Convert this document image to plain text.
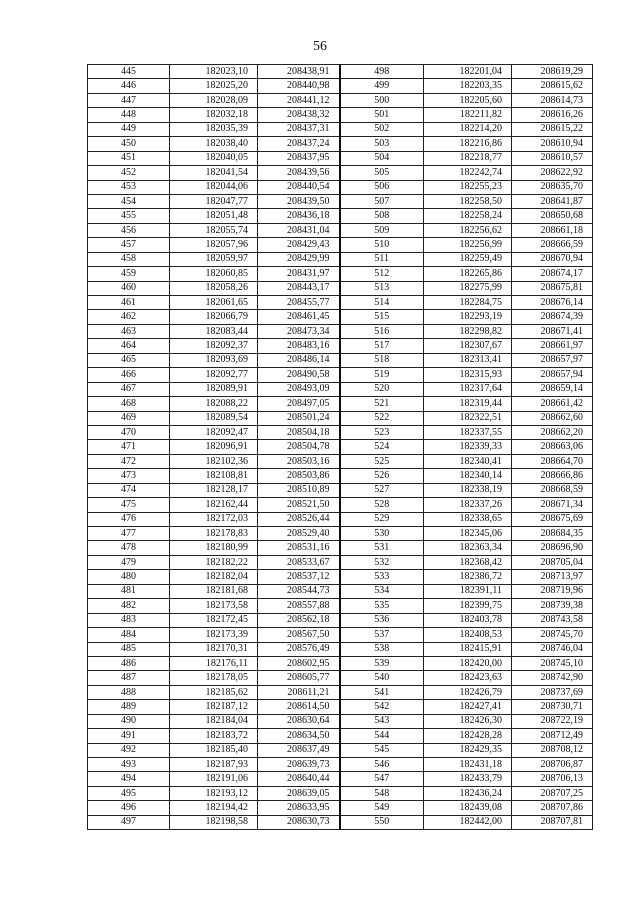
56
445	182023,10	208438,91	498	182201,04	208619,29
446	182025,20	208440,98	499	182203,35	208615,62
447	182028,09	208441,12	500	182205,60	208614,73
448	182032,18	208438,32	501	182211,82	208616,26
449	182035,39	208437,31	502	182214,20	208615,22
450	182038,40	208437,24	503	182216,86	208610,94
451	182040,05	208437,95	504	182218,77	208610,57
452	182041,54	208439,56	505	182242,74	208622,92
453	182044,06	208440,54	506	182255,23	208635,70
454	182047,77	208439,50	507	182258,50	208641,87
455	182051,48	208436,18	508	182258,24	208650,68
456	182055,74	208431,04	509	182256,62	208661,18
457	182057,96	208429,43	510	182256,99	208666,59
458	182059,97	208429,99	511	182259,49	208670,94
459	182060,85	208431,97	512	182265,86	208674,17
460	182058,26	208443,17	513	182275,99	208675,81
461	182061,65	208455,77	514	182284,75	208676,14
462	182066,79	208461,45	515	182293,19	208674,39
463	182083,44	208473,34	516	182298,82	208671,41
464	182092,37	208483,16	517	182307,67	208661,97
465	182093,69	208486,14	518	182313,41	208657,97
466	182092,77	208490,58	519	182315,93	208657,94
467	182089,91	208493,09	520	182317,64	208659,14
468	182088,22	208497,05	521	182319,44	208661,42
469	182089,54	208501,24	522	182322,51	208662,60
470	182092,47	208504,18	523	182337,55	208662,20
471	182096,91	208504,78	524	182339,33	208663,06
472	182102,36	208503,16	525	182340,41	208664,70
473	182108,81	208503,86	526	182340,14	208666,86
474	182128,17	208510,89	527	182338,19	208668,59
475	182162,44	208521,50	528	182337,26	208671,34
476	182172,03	208526,44	529	182338,65	208675,69
477	182178,83	208529,40	530	182345,06	208684,35
478	182180,99	208531,16	531	182363,34	208696,90
479	182182,22	208533,67	532	182368,42	208705,04
480	182182,04	208537,12	533	182386,72	208713,97
481	182181,68	208544,73	534	182391,11	208719,96
482	182173,58	208557,88	535	182399,75	208739,38
483	182172,45	208562,18	536	182403,78	208743,58
484	182173,39	208567,50	537	182408,53	208745,70
485	182170,31	208576,49	538	182415,91	208746,04
486	182176,11	208602,95	539	182420,00	208745,10
487	182178,05	208605,77	540	182423,63	208742,90
488	182185,62	208611,21	541	182426,79	208737,69
489	182187,12	208614,50	542	182427,41	208730,71
490	182184,04	208630,64	543	182426,30	208722,19
491	182183,72	208634,50	544	182428,28	208712,49
492	182185,40	208637,49	545	182429,35	208708,12
493	182187,93	208639,73	546	182431,18	208706,87
494	182191,06	208640,44	547	182433,79	208706,13
495	182193,12	208639,05	548	182436,24	208707,25
496	182194,42	208633,95	549	182439,08	208707,86
497	182198,58	208630,73	550	182442,00	208707,81
